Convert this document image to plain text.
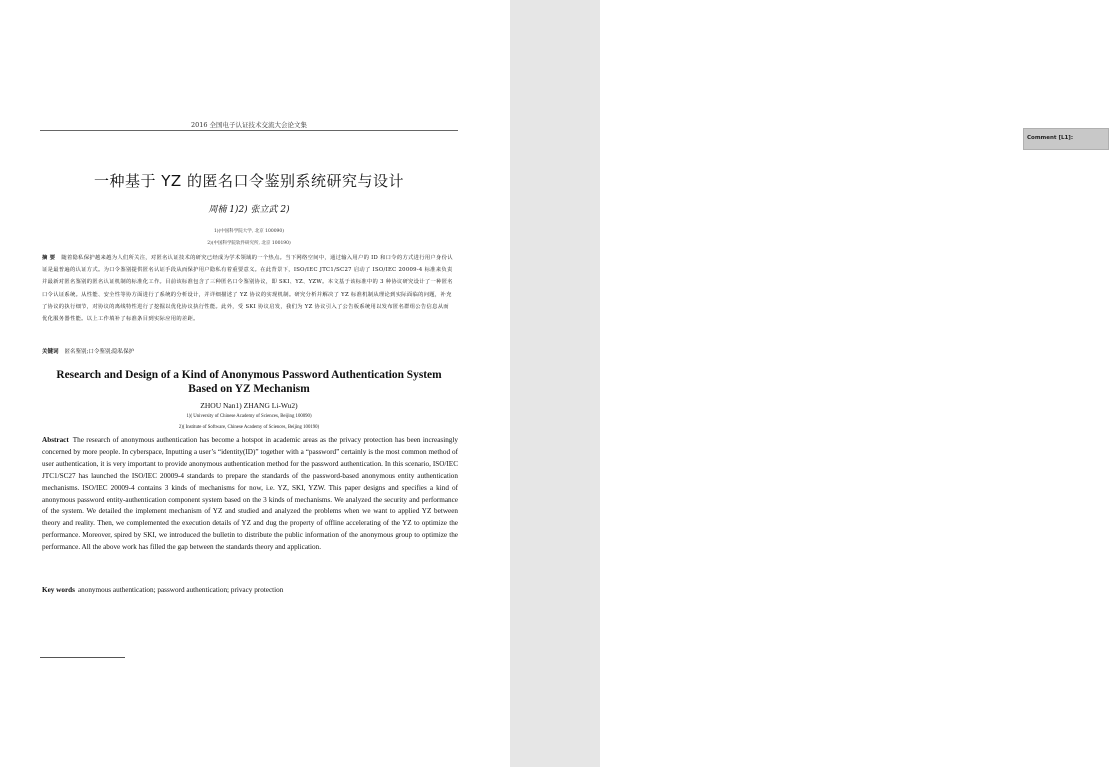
Comment [L1]:
2016 全国电子认证技术交流大会论文集
一种基于 YZ 的匿名口令鉴别系统研究与设计
周楠 1)2) 张立武 2)
1)(中国科学院大学, 北京 100090)
2)(中国科学院软件研究所, 北京 100190)
摘 要 随着隐私保护越来越为人们所关注，对匿名认证技术的研究已经成为学术领域的一个热点。当下网络空间中，通过输入用户的 ID 和口令的方式进行用户身份认证是最普遍的认证方式。为口令鉴别提供匿名认证手段从而保护用户隐私有着重要意义。在此背景下，ISO/IEC JTC1/SC27 启动了 ISO/IEC 20009-4 标准来负责并最新对匿名鉴别的匿名认证机制的标准化工作。目前该标准包含了三种匿名口令鉴别协议，即 SKI、YZ、YZW。本文基于该标准中的 3 种协议研究设计了一种匿名口令认证系统。从性能、安全性等协方面进行了系统的分析设计，并详细描述了 YZ 协议的实现机制。研究分析并解决了 YZ 标准机制从理论到实际面临的问题，补充了协议的执行细节，对协议的离线特性进行了挖掘以优化协议执行性能。此外，受 SKI 协议启发，我们为 YZ 协议引入了公告板系统用以发布匿名群组公告信息从而优化服务器性能。以上工作填补了标准条目到实际应用的差距。
关键词 匿名鉴别;口令鉴别;隐私保护
Research and Design of a Kind of Anonymous Password Authentication System
Based on YZ Mechanism
ZHOU Nan1) ZHANG Li-Wu2)
1)( University of Chinese Academy of Sciences, Beijing 100090)
2)( Institute of Software, Chinese Academy of Sciences, Beijing 100190)
Abstract The research of anonymous authentication has become a hotspot in academic areas as the privacy protection has been increasingly concerned by more people. In cyberspace, Inputting a user’s “identity(ID)” together with a “password” certainly is the most common method of user authentication, it is very important to provide anonymous authentication method for the password authentication. In this scenario, ISO/IEC JTC1/SC27 has launched the ISO/IEC 20009-4 standards to prepare the standards of the password-based anonymous entity authentication mechanisms. ISO/IEC 20009-4 contains 3 kinds of mechanisms for now, i.e. YZ, SKI, YZW. This paper designs and specifies a kind of anonymous password entity-authentication component system based on the 3 kinds of mechanisms. We analyzed the security and performance of the system. We detailed the implement mechanism of YZ and studied and analyzed the problems when we want to applied YZ between theory and reality. Then, we complemented the execution details of YZ and dug the property of offline accelerating of the YZ to optimize the performance. Moreover, spired by SKI, we introduced the bulletin to distribute the public information of the anonymous group to optimize the performance. All the above work has filled the gap between the standards theory and application.
Key words anonymous authentication; password authentication; privacy protection
